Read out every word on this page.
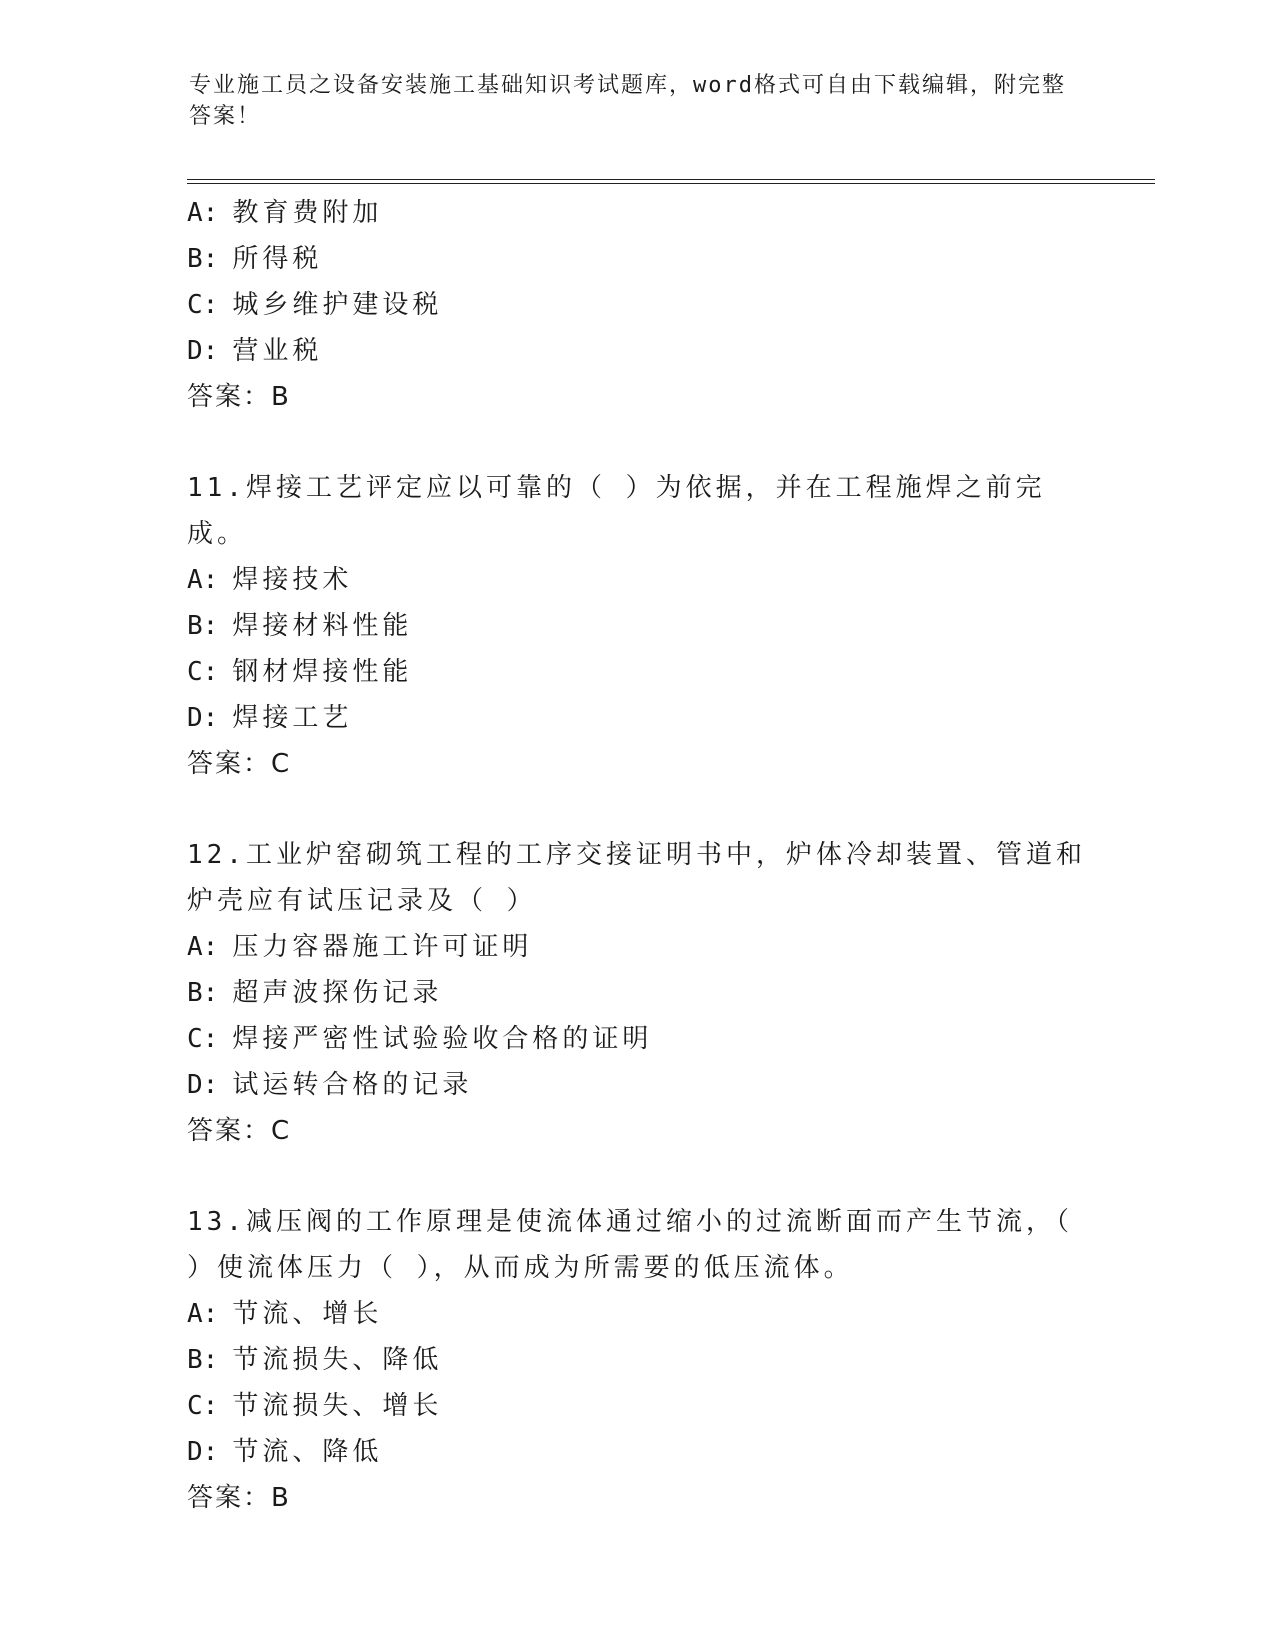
专业施工员之设备安装施工基础知识考试题库，word格式可自由下载编辑，附完整答案！
A: 教育费附加
B: 所得税
C: 城乡维护建设税
D: 营业税
答案：B
11.焊接工艺评定应以可靠的（ ）为依据，并在工程施焊之前完成。
A: 焊接技术
B: 焊接材料性能
C: 钢材焊接性能
D: 焊接工艺
答案：C
12.工业炉窑砌筑工程的工序交接证明书中，炉体冷却装置、管道和炉壳应有试压记录及（ ）
A: 压力容器施工许可证明
B: 超声波探伤记录
C: 焊接严密性试验验收合格的证明
D: 试运转合格的记录
答案：C
13.减压阀的工作原理是使流体通过缩小的过流断面而产生节流，（ ）使流体压力（ ），从而成为所需要的低压流体。
A: 节流、增长
B: 节流损失、降低
C: 节流损失、增长
D: 节流、降低
答案：B
